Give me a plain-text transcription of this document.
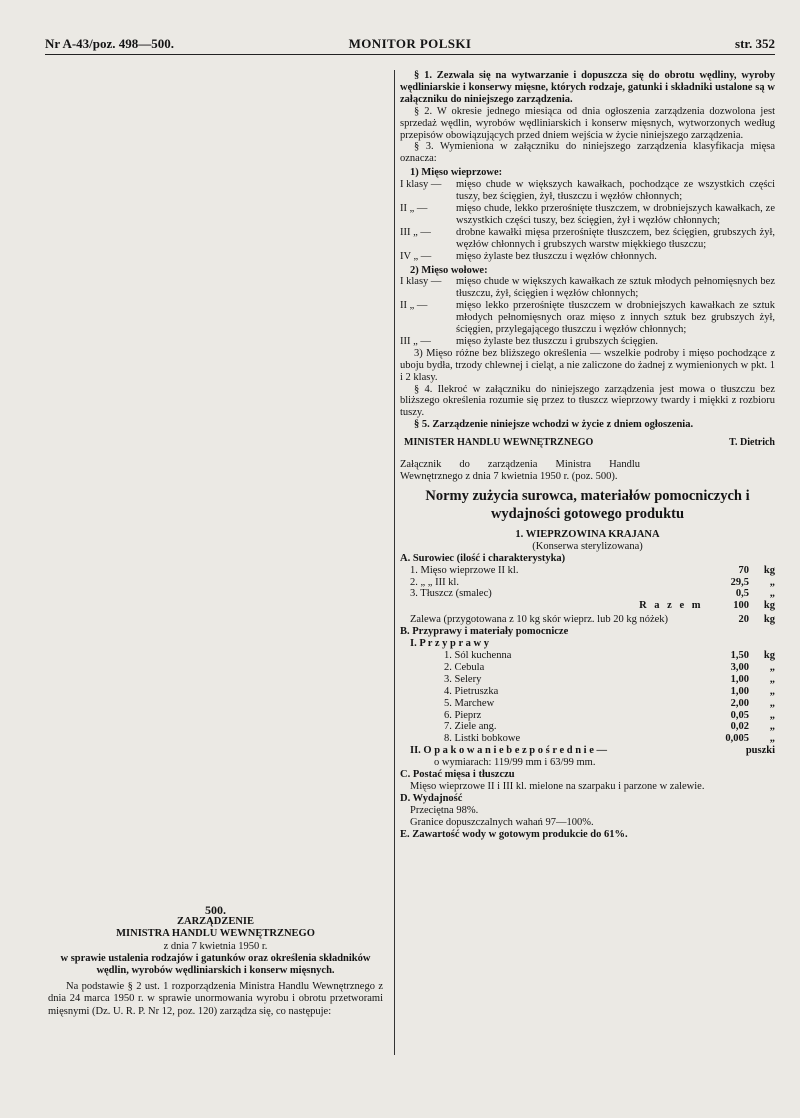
Nr A-43/poz. 498—500.	MONITOR POLSKI	str. 352
500.
ZARZĄDZENIE
MINISTRA HANDLU WEWNĘTRZNEGO
z dnia 7 kwietnia 1950 r.

w sprawie ustalenia rodzajów i gatunków oraz określenia składników wędlin, wyrobów wędliniarskich i konserw mięsnych.

Na podstawie § 2 ust. 1 rozporządzenia Ministra Handlu Wewnętrznego z dnia 24 marca 1950 r. w sprawie unormowania wyrobu i obrotu przetworami mięsnymi (Dz. U. R. P. Nr 12, poz. 120) zarządza się, co następuje:

§ 1. Zezwala się na wytwarzanie i dopuszcza się do obrotu wędliny, wyroby wędliniarskie i konserwy mięsne, których rodzaje, gatunki i składniki ustalone są w załączniku do niniejszego zarządzenia.

§ 2. W okresie jednego miesiąca od dnia ogłoszenia zarządzenia dozwolona jest sprzedaż wędlin, wyrobów wędliniarskich i konserw mięsnych, wytworzonych według przepisów obowiązujących przed dniem wejścia w życie niniejszego zarządzenia.

§ 3. Wymieniona w załączniku do niniejszego zarządzenia klasyfikacja mięsa oznacza:

1) Mięso wieprzowe:
I klasy —	mięso chude w większych kawałkach, pochodzące ze wszystkich części tuszy, bez ścięgien, żył, tłuszczu i węzłów chłonnych;
II „ —	mięso chude, lekko przerośnięte tłuszczem, w drobniejszych kawałkach, ze wszystkich części tuszy, bez ścięgien, żył i węzłów chłonnych;
III „ —	drobne kawałki mięsa przerośnięte tłuszczem, bez ścięgien, grubszych żył, węzłów chłonnych i grubszych warstw miękkiego tłuszczu;
IV „ —	mięso żylaste bez tłuszczu i węzłów chłonnych.
2) Mięso wołowe:
I klasy —	mięso chude w większych kawałkach ze sztuk młodych pełnomięsnych bez tłuszczu, żył, ścięgien i węzłów chłonnych;
II „ —	mięso lekko przerośnięte tłuszczem w drobniejszych kawałkach ze sztuk młodych pełnomięsnych oraz mięso z innych sztuk bez grubszych żył, ścięgien, przylegającego tłuszczu i węzłów chłonnych;
III „ —	mięso żylaste bez tłuszczu i grubszych ścięgien.

3) Mięso różne bez bliższego określenia — wszelkie podroby i mięso pochodzące z uboju bydła, trzody chlewnej i cieląt, a nie zaliczone do żadnej z wymienionych w pkt. 1 i 2 klasy.

§ 4. Ilekroć w załączniku do niniejszego zarządzenia jest mowa o tłuszczu bez bliższego określenia rozumie się przez to tłuszcz wieprzowy twardy i miękki z rozbioru tuszy.

§ 5. Zarządzenie niniejsze wchodzi w życie z dniem ogłoszenia.

MINISTER HANDLU WEWNĘTRZNEGO	T. Dietrich

Załącznik do zarządzenia Ministra Handlu Wewnętrznego z dnia 7 kwietnia 1950 r. (poz. 500).

Normy zużycia surowca, materiałów pomocniczych i wydajności gotowego produktu
1. WIEPRZOWINA KRAJANA
(Konserwa sterylizowana)
A. Surowiec (ilość i charakterystyka)
1. Mięso wieprzowe II kl.	70	kg
2. „ „ III kl.	29,5	„
3. Tłuszcz (smalec)	0,5	„
R a z e m	100	kg
Zalewa (przygotowana z 10 kg skór wieprz. lub 20 kg nóżek)	20	kg
B. Przyprawy i materiały pomocnicze
I. P r z y p r a w y
1. Sól kuchenna	1,50	kg
2. Cebula	3,00	„
3. Selery	1,00	„
4. Pietruszka	1,00	„
5. Marchew	2,00	„
6. Pieprz	0,05	„
7. Ziele ang.	0,02	„
8. Listki bobkowe	0,005	„
II. O p a k o w a n i e b e z p o ś r e d n i e —	puszki
o wymiarach: 119/99 mm i 63/99 mm.
C. Postać mięsa i tłuszczu

Mięso wieprzowe II i III kl. mielone na szarpaku i parzone w zalewie.

D. Wydajność
Przeciętna 98%.
Granice dopuszczalnych wahań 97—100%.
E. Zawartość wody w gotowym produkcie do 61%.
